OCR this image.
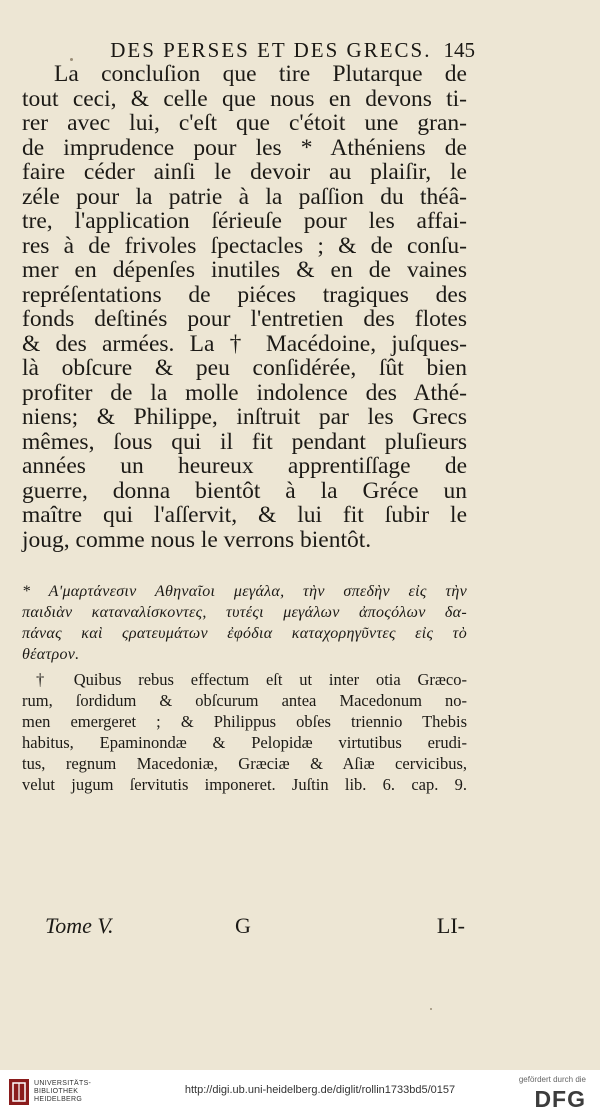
DES PERSES ET DES GRECS. 145
La concluſion que tire Plutarque de
tout ceci, & celle que nous en devons ti-
rer avec lui, c'eſt que c'étoit une gran-
de imprudence pour les * Athéniens de
faire céder ainſi le devoir au plaiſir, le
zéle pour la patrie à la paſſion du théâ-
tre, l'application ſérieuſe pour les affai-
res à de frivoles ſpectacles ; & de conſu-
mer en dépenſes inutiles & en de vaines
repréſentations de piéces tragiques des
fonds deſtinés pour l'entretien des flotes
& des armées. La † Macédoine, juſques-
là obſcure & peu conſidérée, ſût bien
profiter de la molle indolence des Athé-
niens; & Philippe, inſtruit par les Grecs
mêmes, ſous qui il fit pendant pluſieurs
années un heureux apprentiſſage de
guerre, donna bientôt à la Gréce un
maître qui l'aſſervit, & lui fit ſubir le
joug, comme nous le verrons bientôt.
* Αʹμαρτάνεσιν Αθηναῖοι μεγάλα, τὴν σπεδὴν εἰς τὴν
παιδιὰν καταναλίσκοντες, τυτέςι μεγάλων ἀποςόλων δα-
πάνας καὶ ςρατευμάτων ἐφόδια καταχορηγῦντες εἰς τὸ
θέατρον.
† Quibus rebus effectum eſt ut inter otia Græco-
rum, ſordidum & obſcurum antea Macedonum no-
men emergeret ; & Philippus obſes triennio Thebis
habitus, Epaminondæ & Pelopidæ virtutibus erudi-
tus, regnum Macedoniæ, Græciæ & Aſiæ cervicibus,
velut jugum ſervitutis imponeret. Juſtin lib. 6. cap. 9.
Tome V.	G	LI-
UNIVERSITÄTS-
BIBLIOTHEK
HEIDELBERG
http://digi.ub.uni-heidelberg.de/diglit/rollin1733bd5/0157
gefördert durch die
DFG
